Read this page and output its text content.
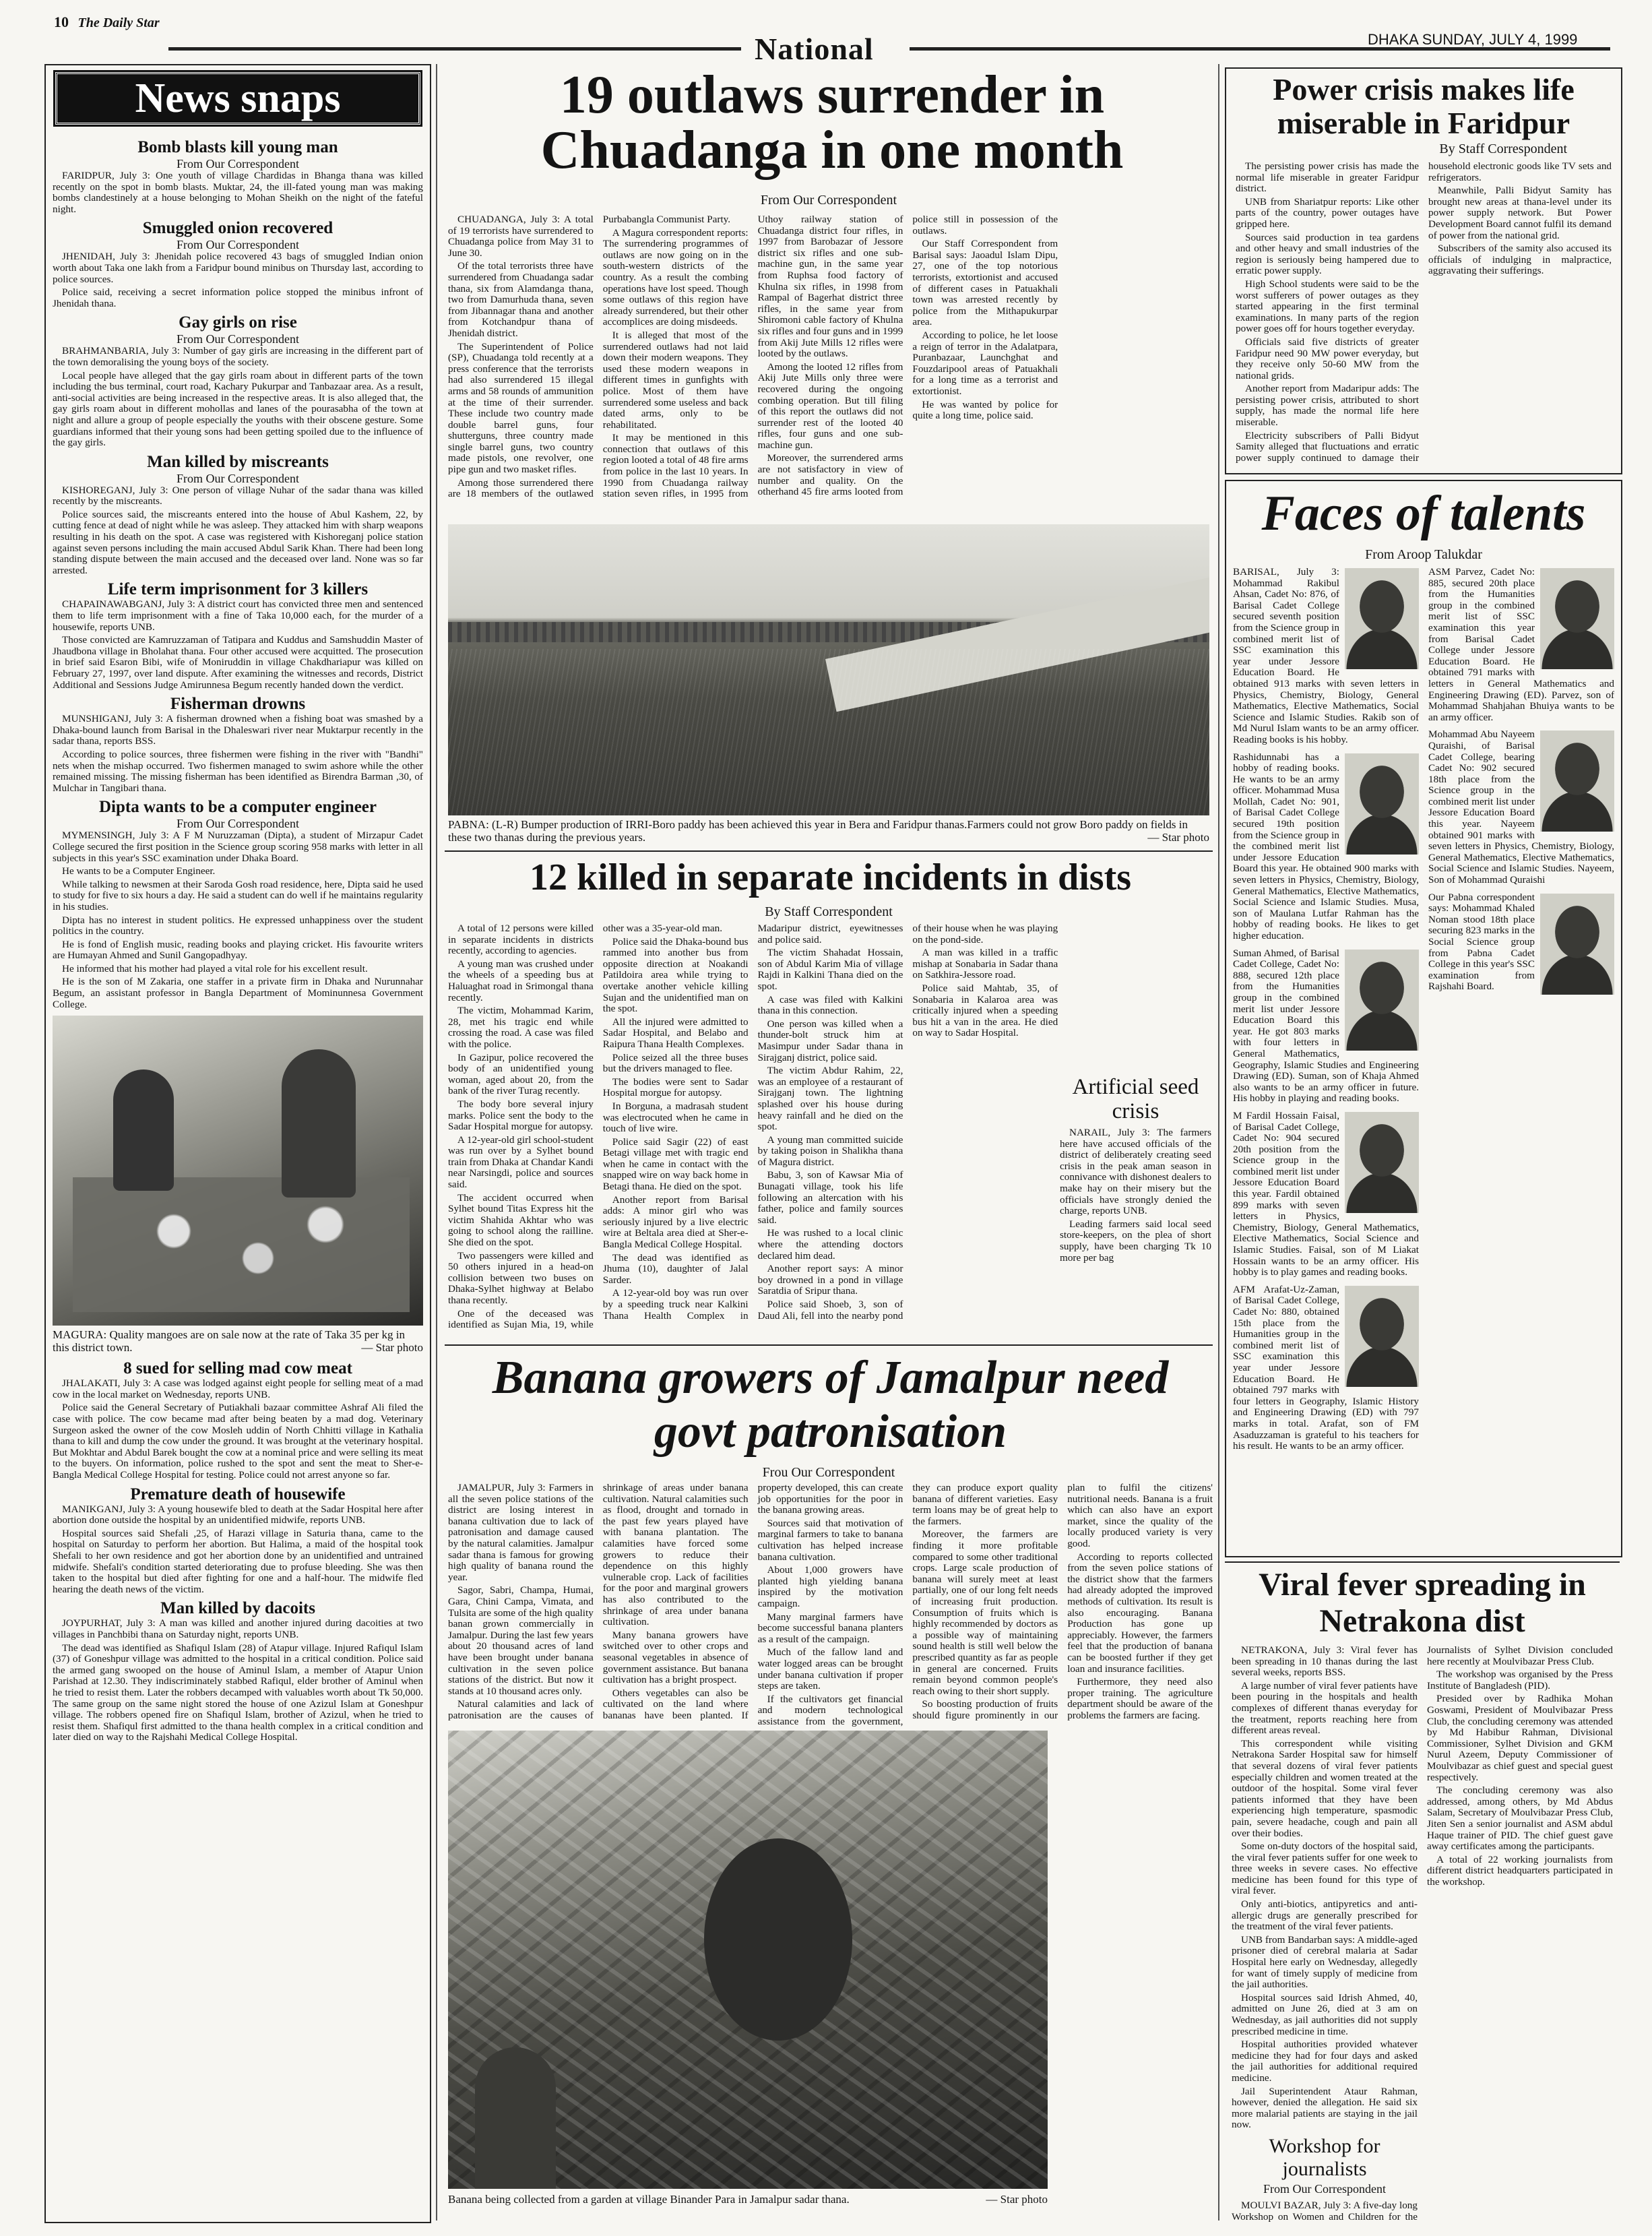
10 The Daily Star
National	DHAKA SUNDAY, JULY 4, 1999
News snaps
Bomb blasts kill young man
From Our Correspondent

FARIDPUR, July 3: One youth of village Chardidas in Bhanga thana was killed recently on the spot in bomb blasts. Muktar, 24, the ill-fated young man was making bombs clandestinely at a house belonging to Mohan Sheikh on the night of the fateful night.

Smuggled onion recovered
From Our Correspondent

JHENIDAH, July 3: Jhenidah police recovered 43 bags of smuggled Indian onion worth about Taka one lakh from a Faridpur bound minibus on Thursday last, according to police sources.

Police said, receiving a secret information police stopped the minibus infront of Jhenidah thana.

Gay girls on rise
From Our Correspondent

BRAHMANBARIA, July 3: Number of gay girls are increasing in the different part of the town demoralising the young boys of the society.

Local people have alleged that the gay girls roam about in different parts of the town including the bus terminal, court road, Kachary Pukurpar and Tanbazaar area. As a result, anti-social activities are being increased in the respective areas. It is also alleged that, the gay girls roam about in different mohollas and lanes of the pourasabha of the town at night and allure a group of people especially the youths with their obscene gesture. Some guardians informed that their young sons had been getting spoiled due to the influence of the gay girls.

Man killed by miscreants
From Our Correspondent

KISHOREGANJ, July 3: One person of village Nuhar of the sadar thana was killed recently by the miscreants.

Police sources said, the miscreants entered into the house of Abul Kashem, 22, by cutting fence at dead of night while he was asleep. They attacked him with sharp weapons resulting in his death on the spot. A case was registered with Kishoreganj police station against seven persons including the main accused Abdul Sarik Khan. There had been long standing dispute between the main accused and the deceased over land. None was so far arrested.

Life term imprisonment for 3 killers

CHAPAINAWABGANJ, July 3: A district court has convicted three men and sentenced them to life term imprisonment with a fine of Taka 10,000 each, for the murder of a housewife, reports UNB.

Those convicted are Kamruzzaman of Tatipara and Kuddus and Samshuddin Master of Jhaudbona village in Bholahat thana. Four other accused were acquitted. The prosecution in brief said Esaron Bibi, wife of Moniruddin in village Chakdhariapur was killed on February 27, 1997, over land dispute. After examining the witnesses and records, District Additional and Sessions Judge Amirunnesa Begum recently handed down the verdict.

Fisherman drowns

MUNSHIGANJ, July 3: A fisherman drowned when a fishing boat was smashed by a Dhaka-bound launch from Barisal in the Dhaleswari river near Muktarpur recently in the sadar thana, reports BSS.

According to police sources, three fishermen were fishing in the river with "Bandhi" nets when the mishap occurred. Two fishermen managed to swim ashore while the other remained missing. The missing fisherman has been identified as Birendra Barman ,30, of Mulchar in Tangibari thana.

Dipta wants to be a computer engineer
From Our Correspondent

MYMENSINGH, July 3: A F M Nuruzzaman (Dipta), a student of Mirzapur Cadet College secured the first position in the Science group scoring 958 marks with letter in all subjects in this year's SSC examination under Dhaka Board.

He wants to be a Computer Engineer.

While talking to newsmen at their Saroda Gosh road residence, here, Dipta said he used to study for five to six hours a day. He said a student can do well if he maintains regularity in his studies.

Dipta has no interest in student politics. He expressed unhappiness over the student politics in the country.

He is fond of English music, reading books and playing cricket. His favourite writers are Humayan Ahmed and Sunil Gangopadhyay.

He informed that his mother had played a vital role for his excellent result.

He is the son of M Zakaria, one staffer in a private firm in Dhaka and Nurunnahar Begum, an assistant professor in Bangla Department of Mominunnesa Government College.

MAGURA: Quality mangoes are on sale now at the rate of Taka 35 per kg in this district town.	— Star photo
8 sued for selling mad cow meat

JHALAKATI, July 3: A case was lodged against eight people for selling meat of a mad cow in the local market on Wednesday, reports UNB.

Police said the General Secretary of Putiakhali bazaar committee Ashraf Ali filed the case with police. The cow became mad after being beaten by a mad dog. Veterinary Surgeon asked the owner of the cow Mosleh uddin of North Chhitti village in Kathalia thana to kill and dump the cow under the ground. It was brought at the veterinary hospital. But Mokhtar and Abdul Barek bought the cow at a nominal price and were selling its meat to the buyers. On information, police rushed to the spot and sent the meat to Sher-e-Bangla Medical College Hospital for testing. Police could not arrest anyone so far.

Premature death of housewife

MANIKGANJ, July 3: A young housewife bled to death at the Sadar Hospital here after abortion done outside the hospital by an unidentified midwife, reports UNB.

Hospital sources said Shefali ,25, of Harazi village in Saturia thana, came to the hospital on Saturday to perform her abortion. But Halima, a maid of the hospital took Shefali to her own residence and got her abortion done by an unidentified and untrained midwife. Shefali's condition started deteriorating due to profuse bleeding. She was then taken to the hospital but died after fighting for one and a half-hour. The midwife fled hearing the death news of the victim.

Man killed by dacoits

JOYPURHAT, July 3: A man was killed and another injured during dacoities at two villages in Panchbibi thana on Saturday night, reports UNB.

The dead was identified as Shafiqul Islam (28) of Atapur village. Injured Rafiqul Islam (37) of Goneshpur village was admitted to the hospital in a critical condition. Police said the armed gang swooped on the house of Aminul Islam, a member of Atapur Union Parishad at 12.30. They indiscriminately stabbed Rafiqul, elder brother of Aminul when he tried to resist them. Later the robbers decamped with valuables worth about Tk 50,000. The same group on the same night stored the house of one Azizul Islam at Goneshpur village. The robbers opened fire on Shafiqul Islam, brother of Azizul, when he tried to resist them. Shafiqul first admitted to the thana health complex in a critical condition and later died on way to the Rajshahi Medical College Hospital.

19 outlaws surrender in Chuadanga in one month
From Our Correspondent

CHUADANGA, July 3: A total of 19 terrorists have surrendered to Chuadanga police from May 31 to June 30.

Of the total terrorists three have surrendered from Chuadanga sadar thana, six from Alamdanga thana, two from Damurhuda thana, seven from Jibannagar thana and another from Kotchandpur thana of Jhenidah district.

The Superintendent of Police (SP), Chuadanga told recently at a press conference that the terrorists had also surrendered 15 illegal arms and 58 rounds of ammunition at the time of their surrender. These include two country made double barrel guns, four shutterguns, three country made single barrel guns, two country made pistols, one revolver, one pipe gun and two masket rifles.

Among those surrendered there are 18 members of the outlawed Purbabangla Communist Party.

A Magura correspondent reports: The surrendering programmes of outlaws are now going on in the south-western districts of the country. As a result the combing operations have lost speed. Though some outlaws of this region have already surrendered, but their other accomplices are doing misdeeds.

It is alleged that most of the surrendered outlaws had not laid down their modern weapons. They used these modern weapons in different times in gunfights with police. Most of them have surrendered some useless and back dated arms, only to be rehabilitated.

It may be mentioned in this connection that outlaws of this region looted a total of 48 fire arms from police in the last 10 years. In 1990 from Chuadanga railway station seven rifles, in 1995 from Uthoy railway station of Chuadanga district four rifles, in 1997 from Barobazar of Jessore district six rifles and one sub-machine gun, in the same year from Ruphsa food factory of Khulna six rifles, in 1998 from Rampal of Bagerhat district three rifles, in the same year from Shiromoni cable factory of Khulna six rifles and four guns and in 1999 from Akij Jute Mills 12 rifles were looted by the outlaws.

Among the looted 12 rifles from Akij Jute Mills only three were recovered during the ongoing combing operation. But till filing of this report the outlaws did not surrender rest of the looted 40 rifles, four guns and one sub-machine gun.

Moreover, the surrendered arms are not satisfactory in view of number and quality. On the otherhand 45 fire arms looted from police still in possession of the outlaws.

Our Staff Correspondent from Barisal says: Jaoadul Islam Dipu, 27, one of the top notorious terrorists, extortionist and accused of different cases in Patuakhali town was arrested recently by police from the Mithapukurpar area.

According to police, he let loose a reign of terror in the Adalatpara, Puranbazaar, Launchghat and Fouzdaripool areas of Patuakhali for a long time as a terrorist and extortionist.

He was wanted by police for quite a long time, police said.

PABNA: (L-R) Bumper production of IRRI-Boro paddy has been achieved this year in Bera and Faridpur thanas.Farmers could not grow Boro paddy on fields in these two thanas during the previous years.	— Star photo
12 killed in separate incidents in dists
By Staff Correspondent

A total of 12 persons were killed in separate incidents in districts recently, according to agencies.

A young man was crushed under the wheels of a speeding bus at Haluaghat road in Srimongal thana recently.

The victim, Mohammad Karim, 28, met his tragic end while crossing the road. A case was filed with the police.

In Gazipur, police recovered the body of an unidentified young woman, aged about 20, from the bank of the river Turag recently.

The body bore several injury marks. Police sent the body to the Sadar Hospital morgue for autopsy.

A 12-year-old girl school-student was run over by a Sylhet bound train from Dhaka at Chandar Kandi near Narsingdi, police and sources said.

The accident occurred when Sylhet bound Titas Express hit the victim Shahida Akhtar who was going to school along the railline. She died on the spot.

Two passengers were killed and 50 others injured in a head-on collision between two buses on Dhaka-Sylhet highway at Belabo thana recently.

One of the deceased was identified as Sujan Mia, 19, while other was a 35-year-old man.

Police said the Dhaka-bound bus rammed into another bus from opposite direction at Noakandi Patildoira area while trying to overtake another vehicle killing Sujan and the unidentified man on the spot.

All the injured were admitted to Sadar Hospital, and Belabo and Raipura Thana Health Complexes.

Police seized all the three buses but the drivers managed to flee.

The bodies were sent to Sadar Hospital morgue for autopsy.

In Borguna, a madrasah student was electrocuted when he came in touch of live wire.

Police said Sagir (22) of east Betagi village met with tragic end when he came in contact with the snapped wire on way back home in Betagi thana. He died on the spot.

Another report from Barisal adds: A minor girl who was seriously injured by a live electric wire at Beltala area died at Sher-e-Bangla Medical College Hospital.

The dead was identified as Jhuma (10), daughter of Jalal Sarder.

A 12-year-old boy was run over by a speeding truck near Kalkini Thana Health Complex in Madaripur district, eyewitnesses and police said.

The victim Shahadat Hossain, son of Abdul Karim Mia of village Rajdi in Kalkini Thana died on the spot.

A case was filed with Kalkini thana in this connection.

One person was killed when a thunder-bolt struck him at Masimpur under Sadar thana in Sirajganj district, police said.

The victim Abdur Rahim, 22, was an employee of a restaurant of Sirajganj town. The lightning splashed over his house during heavy rainfall and he died on the spot.

A young man committed suicide by taking poison in Shalikha thana of Magura district.

Babu, 3, son of Kawsar Mia of Bunagati village, took his life following an altercation with his father, police and family sources said.

He was rushed to a local clinic where the attending doctors declared him dead.

Another report says: A minor boy drowned in a pond in village Saratdia of Sripur thana.

Police said Shoeb, 3, son of Daud Ali, fell into the nearby pond of their house when he was playing on the pond-side.

A man was killed in a traffic mishap at Sonabaria in Sadar thana on Satkhira-Jessore road.

Police said Mahtab, 35, of Sonabaria in Kalaroa area was critically injured when a speeding bus hit a van in the area. He died on way to Sadar Hospital.

Artificial seed crisis

NARAIL, July 3: The farmers here have accused officials of the district of deliberately creating seed crisis in the peak aman season in connivance with dishonest dealers to make hay on their misery but the officials have strongly denied the charge, reports UNB.

Leading farmers said local seed store-keepers, on the plea of short supply, have been charging Tk 10 more per bag

Banana growers of Jamalpur need govt patronisation
Frou Our Correspondent

JAMALPUR, July 3: Farmers in all the seven police stations of the district are losing interest in banana cultivation due to lack of patronisation and damage caused by the natural calamities. Jamalpur sadar thana is famous for growing high quality of banana round the year.

Sagor, Sabri, Champa, Humai, Gara, Chini Campa, Vimata, and Tulsita are some of the high quality banan grown commercially in Jamalpur. During the last few years about 20 thousand acres of land have been brought under banana cultivation in the seven police stations of the district. But now it stands at 10 thousand acres only.

Natural calamities and lack of patronisation are the causes of shrinkage of areas under banana cultivation. Natural calamities such as flood, drought and tornado in the past few years played have with banana plantation. The calamities have forced some growers to reduce their dependence on this highly vulnerable crop. Lack of facilities for the poor and marginal growers has also contributed to the shrinkage of area under banana cultivation.

Many banana growers have switched over to other crops and seasonal vegetables in absence of government assistance. But banana cultivation has a bright prospect.

Others vegetables can also be cultivated on the land where bananas have been planted. If property developed, this can create job opportunities for the poor in the banana growing areas.

Sources said that motivation of marginal farmers to take to banana cultivation has helped increase banana cultivation.

About 1,000 growers have planted high yielding banana inspired by the motivation campaign.

Many marginal farmers have become successful banana planters as a result of the campaign.

Much of the fallow land and water logged areas can be brought under banana cultivation if proper steps are taken.

If the cultivators get financial and modern technological assistance from the government, they can produce export quality banana of different varieties. Easy term loans may be of great help to the farmers.

Moreover, the farmers are finding it more profitable compared to some other traditional crops. Large scale production of banana will surely meet at least partially, one of our long felt needs of increasing fruit production. Consumption of fruits which is highly recommended by doctors as a possible way of maintaining sound health is still well below the prescribed quantity as far as people in general are concerned. Fruits remain beyond common people's reach owing to their short supply.

So boosting production of fruits should figure prominently in our plan to fulfil the citizens' nutritional needs. Banana is a fruit which can also have an export market, since the quality of the locally produced variety is very good.

According to reports collected from the seven police stations of the district show that the farmers had already adopted the improved methods of cultivation. Its result is also encouraging. Banana Production has gone up appreciably. However, the farmers feel that the production of banana can be boosted further if they get loan and insurance facilities.

Furthermore, they need also proper training. The agriculture department should be aware of the problems the farmers are facing.

Banana being collected from a garden at village Binander Para in Jamalpur sadar thana.	— Star photo
Power crisis makes life miserable in Faridpur
By Staff Correspondent

The persisting power crisis has made the normal life miserable in greater Faridpur district.

UNB from Shariatpur reports: Like other parts of the country, power outages have gripped here.

Sources said production in tea gardens and other heavy and small industries of the region is seriously being hampered due to erratic power supply.

High School students were said to be the worst sufferers of power outages as they started appearing in the first terminal examinations. In many parts of the region power goes off for hours together everyday.

Officials said five districts of greater Faridpur need 90 MW power everyday, but they receive only 50-60 MW from the national grids.

Another report from Madaripur adds: The persisting power crisis, attributed to short supply, has made the normal life here miserable.

Electricity subscribers of Palli Bidyut Samity alleged that fluctuations and erratic power supply continued to damage their household electronic goods like TV sets and refrigerators.

Meanwhile, Palli Bidyut Samity has brought new areas at thana-level under its power supply network. But Power Development Board cannot fulfil its demand of power from the national grid.

Subscribers of the samity also accused its officials of indulging in malpractice, aggravating their sufferings.

Faces of talents
From Aroop Talukdar

BARISAL, July 3: Mohammad Rakibul Ahsan, Cadet No: 876, of Barisal Cadet College secured seventh position from the Science group in combined merit list of SSC examination this year under Jessore Education Board. He obtained 913 marks with seven letters in Physics, Chemistry, Biology, General Mathematics, Elective Mathematics, Social Science and Islamic Studies. Rakib son of Md Nurul Islam wants to be an army officer. Reading books is his hobby.

Rashidunnabi has a hobby of reading books. He wants to be an army officer. Mohammad Musa Mollah, Cadet No: 901, of Barisal Cadet College secured 19th position from the Science group in the combined merit list under Jessore Education Board this year. He obtained 900 marks with seven letters in Physics, Chemistry, Biology, General Mathematics, Elective Mathematics, Social Science and Islamic Studies. Musa, son of Maulana Lutfar Rahman has the hobby of reading books. He likes to get higher education.

Suman Ahmed, of Barisal Cadet College, Cadet No: 888, secured 12th place from the Humanities group in the combined merit list under Jessore Education Board this year. He got 803 marks with four letters in General Mathematics, Geography, Islamic Studies and Engineering Drawing (ED). Suman, son of Khaja Ahmed also wants to be an army officer in future. His hobby in playing and reading books.

M Fardil Hossain Faisal, of Barisal Cadet College, Cadet No: 904 secured 20th position from the Science group in the combined merit list under Jessore Education Board this year. Fardil obtained 899 marks with seven letters in Physics, Chemistry, Biology, General Mathematics, Elective Mathematics, Social Science and Islamic Studies. Faisal, son of M Liakat Hossain wants to be an army officer. His hobby is to play games and reading books.

AFM Arafat-Uz-Zaman, of Barisal Cadet College, Cadet No: 880, obtained 15th place from the Humanities group in the combined merit list of SSC examination this year under Jessore Education Board. He obtained 797 marks with four letters in Geography, Islamic History and Engineering Drawing (ED) with 797 marks in total. Arafat, son of FM Asaduzzaman is grateful to his teachers for his result. He wants to be an army officer.

ASM Parvez, Cadet No: 885, secured 20th place from the Humanities group in the combined merit list of SSC examination this year from Barisal Cadet College under Jessore Education Board. He obtained 791 marks with letters in General Mathematics and Engineering Drawing (ED). Parvez, son of Mohammad Shahjahan Bhuiya wants to be an army officer.

Mohammad Abu Nayeem Quraishi, of Barisal Cadet College, bearing Cadet No: 902 secured 18th place from the Science group in the combined merit list under Jessore Education Board this year. Nayeem obtained 901 marks with seven letters in Physics, Chemistry, Biology, General Mathematics, Elective Mathematics, Social Science and Islamic Studies. Nayeem, Son of Mohammad Quraishi

Our Pabna correspondent says: Mohammad Khaled Noman stood 18th place securing 823 marks in the Social Science group from Pabna Cadet College in this year's SSC examination from Rajshahi Board.

Viral fever spreading in Netrakona dist

NETRAKONA, July 3: Viral fever has been spreading in 10 thanas during the last several weeks, reports BSS.

A large number of viral fever patients have been pouring in the hospitals and health complexes of different thanas everyday for the treatment, reports reaching here from different areas reveal.

This correspondent while visiting Netrakona Sarder Hospital saw for himself that several dozens of viral fever patients especially children and women treated at the outdoor of the hospital. Some viral fever patients informed that they have been experiencing high temperature, spasmodic pain, severe headache, cough and pain all over their bodies.

Some on-duty doctors of the hospital said, the viral fever patients suffer for one week to three weeks in severe cases. No effective medicine has been found for this type of viral fever.

Only anti-biotics, antipyretics and anti-allergic drugs are generally prescribed for the treatment of the viral fever patients.

UNB from Bandarban says: A middle-aged prisoner died of cerebral malaria at Sadar Hospital here early on Wednesday, allegedly for want of timely supply of medicine from the jail authorities.

Hospital sources said Idrish Ahmed, 40, admitted on June 26, died at 3 am on Wednesday, as jail authorities did not supply prescribed medicine in time.

Hospital authorities provided whatever medicine they had for four days and asked the jail authorities for additional required medicine.

Jail Superintendent Ataur Rahman, however, denied the allegation. He said six more malarial patients are staying in the jail now.

Workshop for journalists
From Our Correspondent

MOULVI BAZAR, July 3: A five-day long Workshop on Women and Children for the Journalists of Sylhet Division concluded here recently at Moulvibazar Press Club.

The workshop was organised by the Press Institute of Bangladesh (PID).

Presided over by Radhika Mohan Goswami, President of Moulvibazar Press Club, the concluding ceremony was attended by Md Habibur Rahman, Divisional Commissioner, Sylhet Division and GKM Nurul Azeem, Deputy Commissioner of Moulvibazar as chief guest and special guest respectively.

The concluding ceremony was also addressed, among others, by Md Abdus Salam, Secretary of Moulvibazar Press Club, Jiten Sen a senior journalist and ASM abdul Haque trainer of PID. The chief guest gave away certificates among the participants.

A total of 22 working journalists from different district headquarters participated in the workshop.
